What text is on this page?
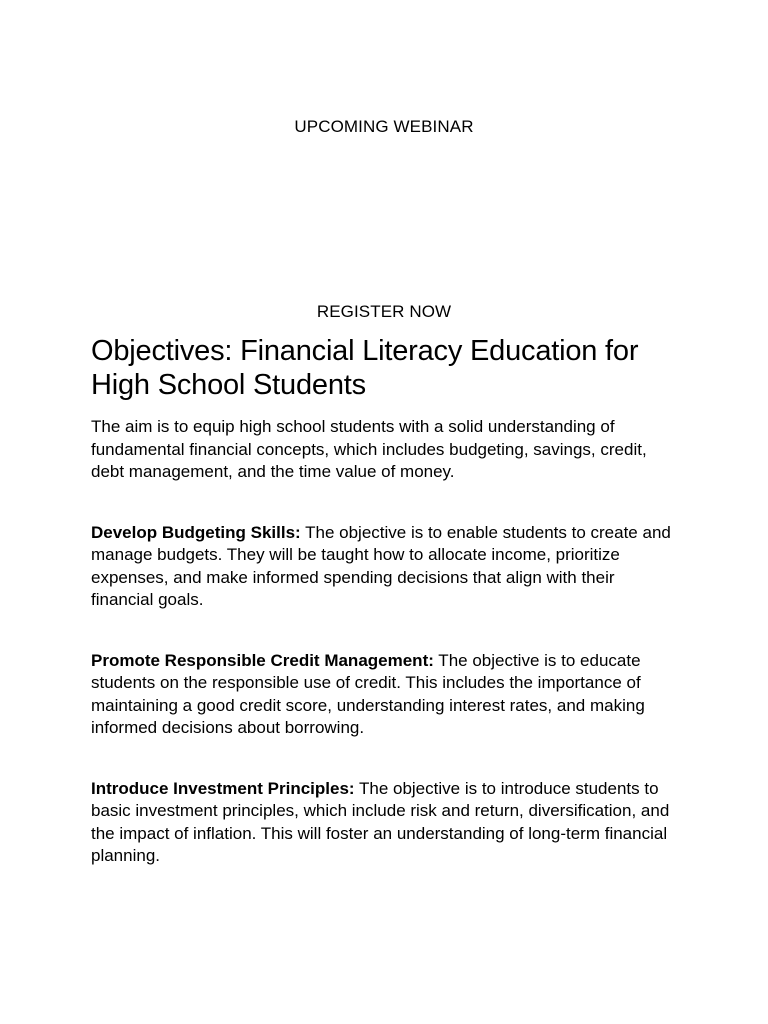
UPCOMING WEBINAR
REGISTER NOW
Objectives: Financial Literacy Education for High School Students

The aim is to equip high school students with a solid understanding of fundamental financial concepts, which includes budgeting, savings, credit, debt management, and the time value of money.

Develop Budgeting Skills: The objective is to enable students to create and manage budgets. They will be taught how to allocate income, prioritize expenses, and make informed spending decisions that align with their financial goals.

Promote Responsible Credit Management: The objective is to educate students on the responsible use of credit. This includes the importance of maintaining a good credit score, understanding interest rates, and making informed decisions about borrowing.

Introduce Investment Principles: The objective is to introduce students to basic investment principles, which include risk and return, diversification, and the impact of inflation. This will foster an understanding of long-term financial planning.
